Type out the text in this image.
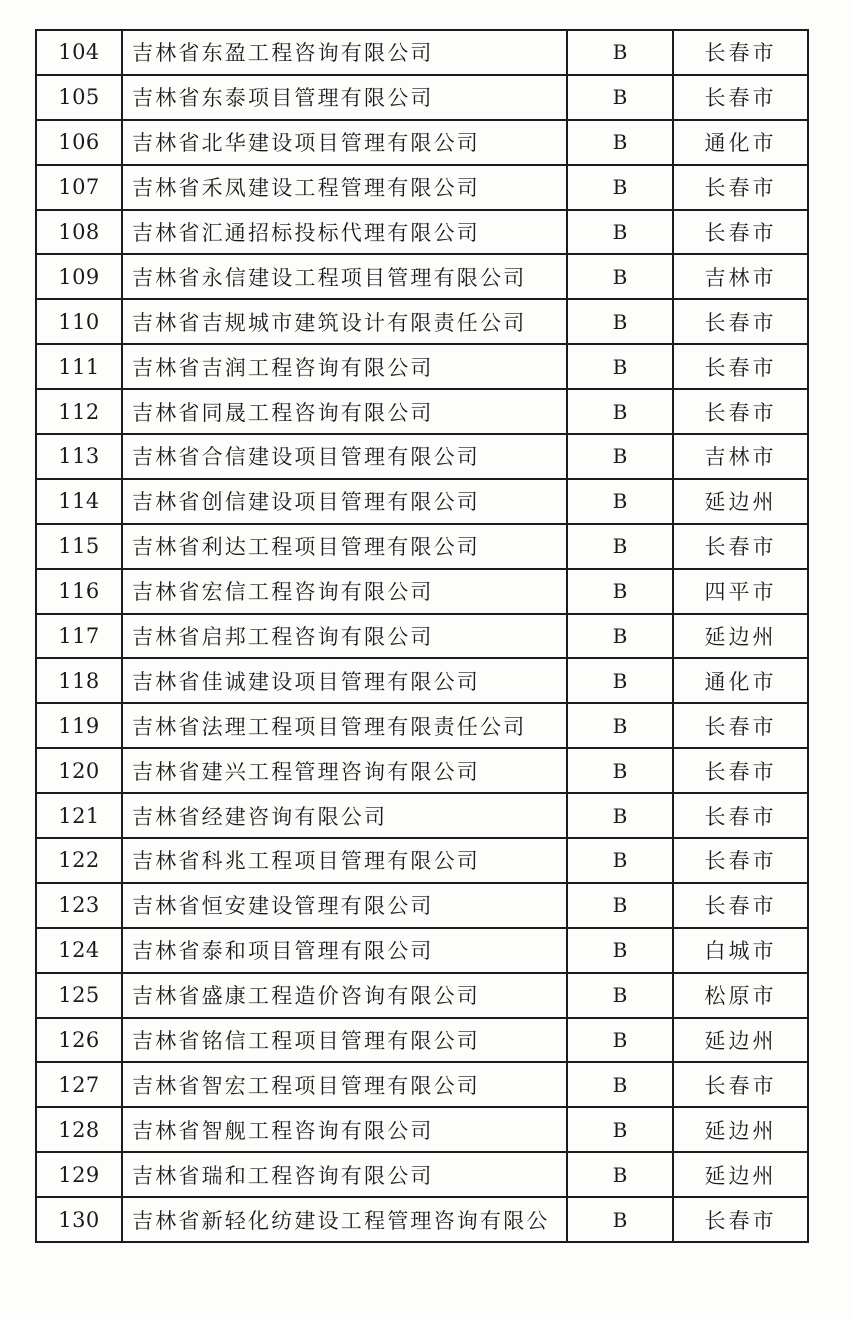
104	吉林省东盈工程咨询有限公司	B	长春市
105	吉林省东泰项目管理有限公司	B	长春市
106	吉林省北华建设项目管理有限公司	B	通化市
107	吉林省禾凤建设工程管理有限公司	B	长春市
108	吉林省汇通招标投标代理有限公司	B	长春市
109	吉林省永信建设工程项目管理有限公司	B	吉林市
110	吉林省吉规城市建筑设计有限责任公司	B	长春市
111	吉林省吉润工程咨询有限公司	B	长春市
112	吉林省同晟工程咨询有限公司	B	长春市
113	吉林省合信建设项目管理有限公司	B	吉林市
114	吉林省创信建设项目管理有限公司	B	延边州
115	吉林省利达工程项目管理有限公司	B	长春市
116	吉林省宏信工程咨询有限公司	B	四平市
117	吉林省启邦工程咨询有限公司	B	延边州
118	吉林省佳诚建设项目管理有限公司	B	通化市
119	吉林省法理工程项目管理有限责任公司	B	长春市
120	吉林省建兴工程管理咨询有限公司	B	长春市
121	吉林省经建咨询有限公司	B	长春市
122	吉林省科兆工程项目管理有限公司	B	长春市
123	吉林省恒安建设管理有限公司	B	长春市
124	吉林省泰和项目管理有限公司	B	白城市
125	吉林省盛康工程造价咨询有限公司	B	松原市
126	吉林省铭信工程项目管理有限公司	B	延边州
127	吉林省智宏工程项目管理有限公司	B	长春市
128	吉林省智舰工程咨询有限公司	B	延边州
129	吉林省瑞和工程咨询有限公司	B	延边州
130	吉林省新轻化纺建设工程管理咨询有限公	B	长春市
